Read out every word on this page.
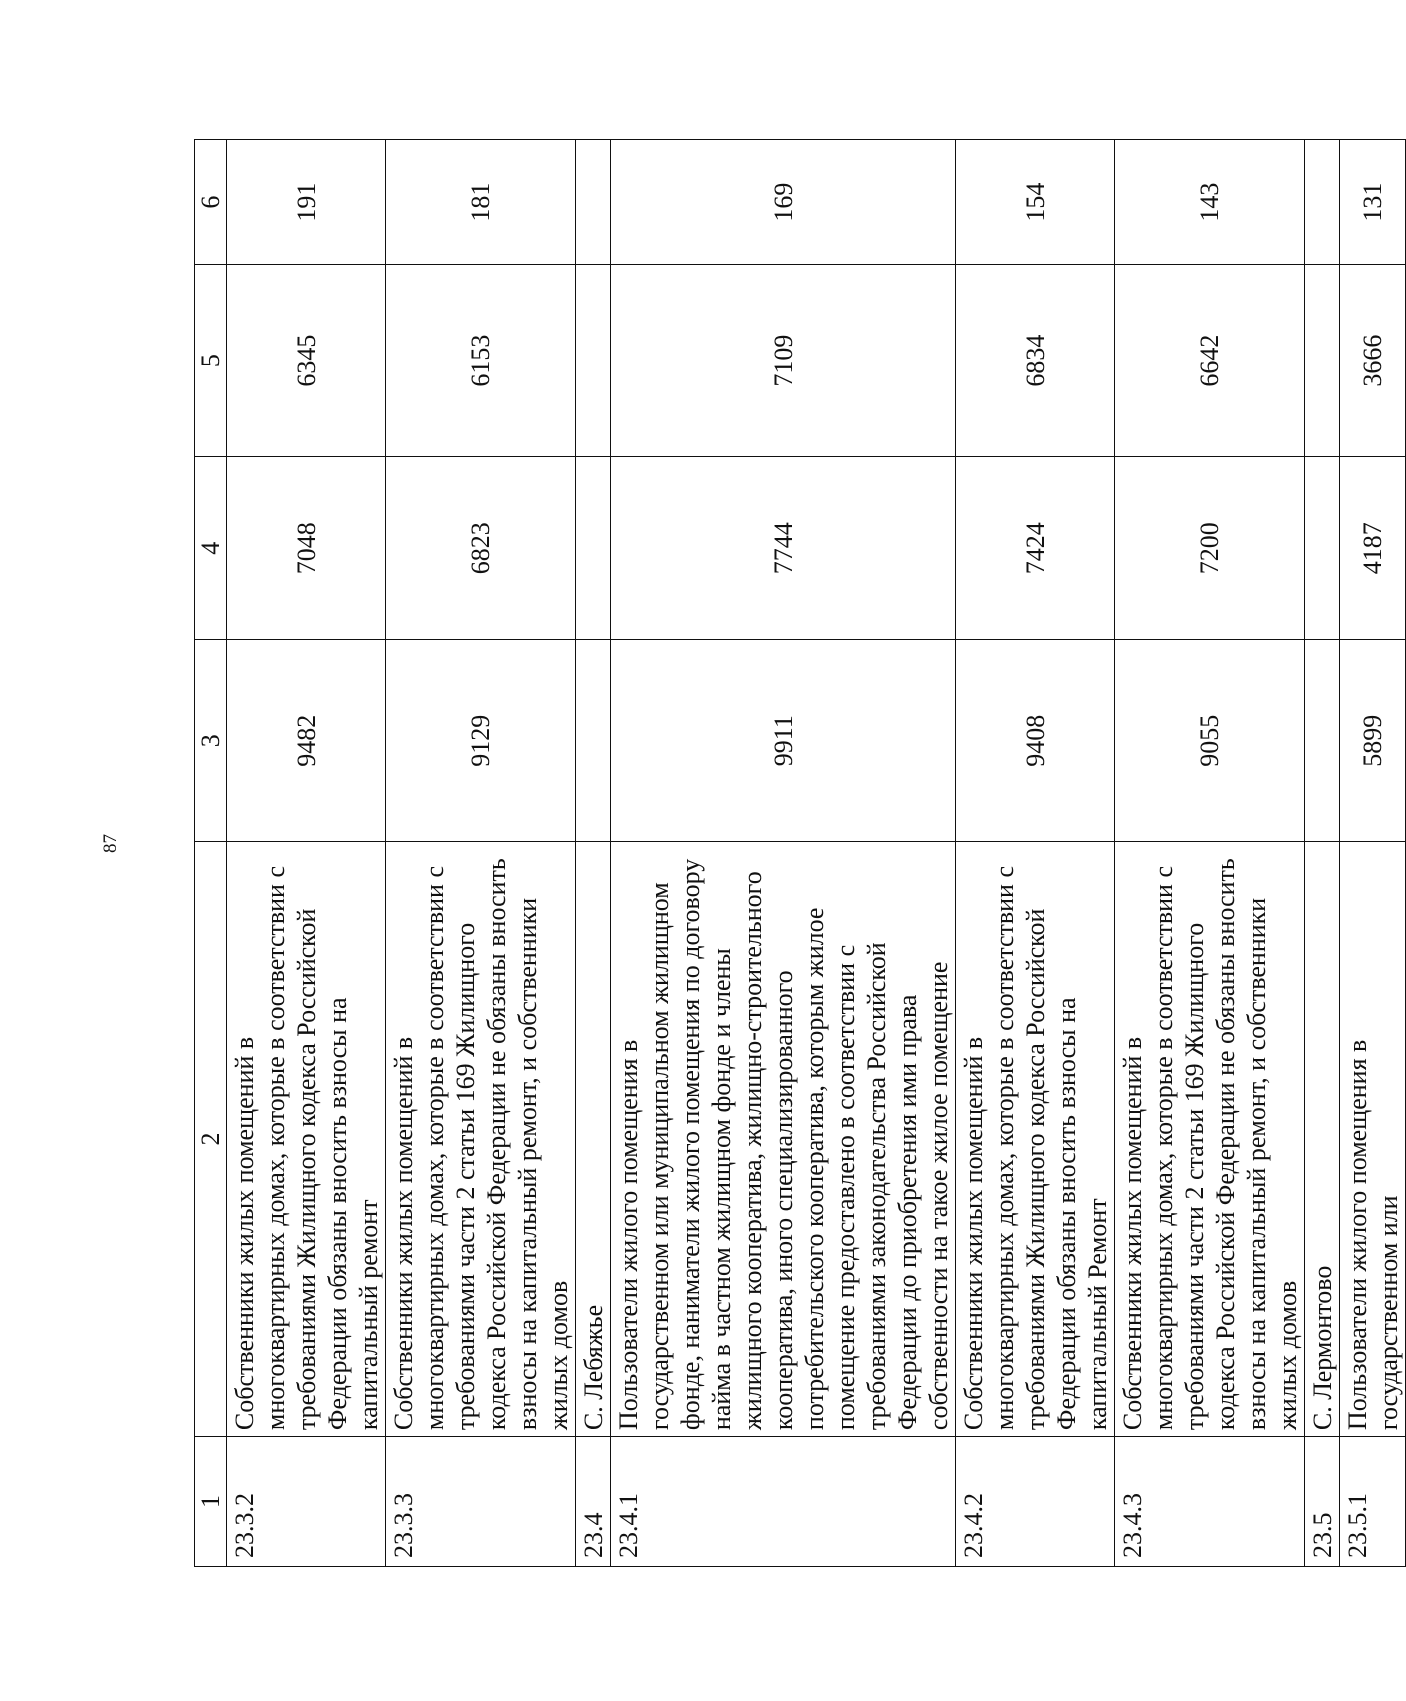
87
1	2	3	4	5	6
23.3.2	Собственники жилых помещений в многоквартирных домах, которые в соответствии с требованиями Жилищного кодекса Российской Федерации обязаны вносить взносы на капитальный ремонт	9482	7048	6345	191
23.3.3	Собственники жилых помещений в многоквартирных домах, которые в соответствии с требованиями части 2 статьи 169 Жилищного кодекса Российской Федерации не обязаны вносить взносы на капитальный ремонт, и собственники жилых домов	9129	6823	6153	181
23.4	С. Лебяжье				
23.4.1	Пользователи жилого помещения в государственном или муниципальном жилищном фонде, наниматели жилого помещения по договору найма в частном жилищном фонде и члены жилищного кооператива, жилищно-строительного кооператива, иного специализированного потребительского кооператива, которым жилое помещение предоставлено в соответствии с требованиями законодательства Российской Федерации до приобретения ими права собственности на такое жилое помещение	9911	7744	7109	169
23.4.2	Собственники жилых помещений в многоквартирных домах, которые в соответствии с требованиями Жилищного кодекса Российской Федерации обязаны вносить взносы на капитальный Ремонт	9408	7424	6834	154
23.4.3	Собственники жилых помещений в многоквартирных домах, которые в соответствии с требованиями части 2 статьи 169 Жилищного кодекса Российской Федерации не обязаны вносить взносы на капитальный ремонт, и собственники жилых домов	9055	7200	6642	143
23.5	С. Лермонтово				
23.5.1	Пользователи жилого помещения в государственном или	5899	4187	3666	131
